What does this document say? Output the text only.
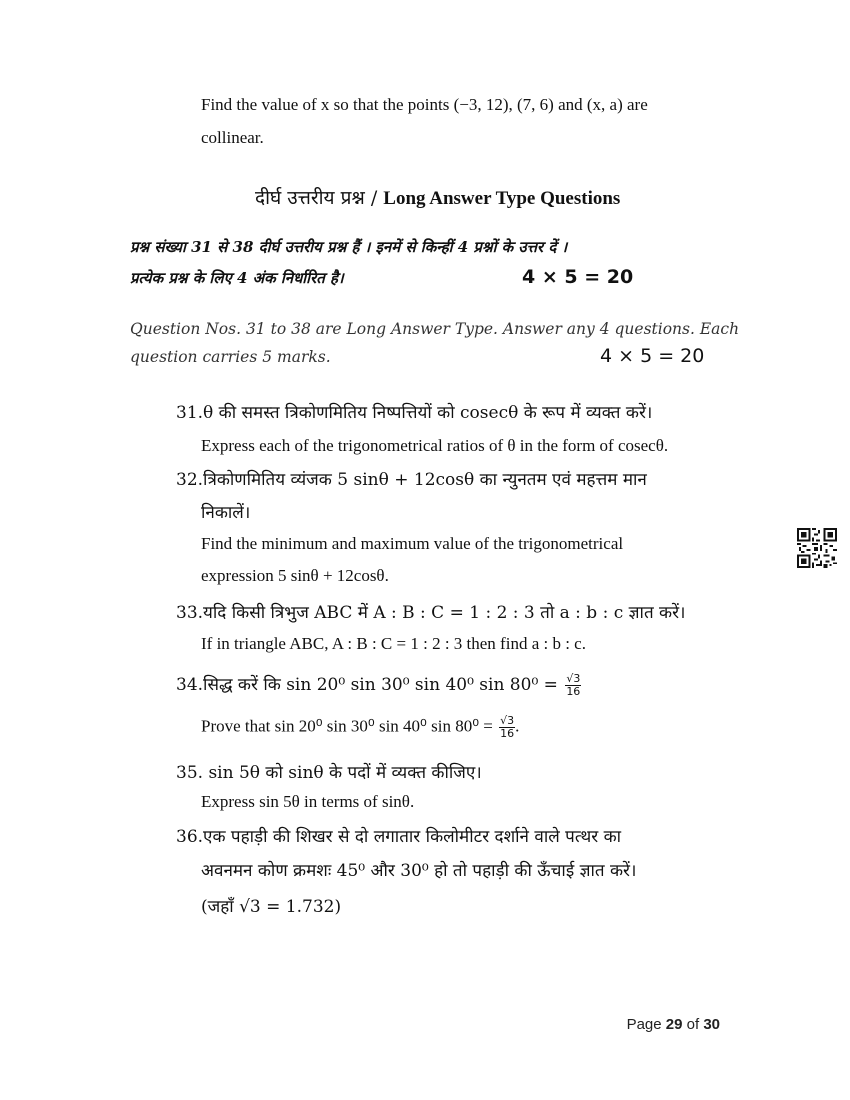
Find the value of x so that the points (−3, 12), (7, 6) and (x, a) are
collinear.
दीर्घ उत्तरीय प्रश्न / Long Answer Type Questions
प्रश्न संख्या 31 से 38 दीर्घ उत्तरीय प्रश्न हैं । इनमें से किन्हीं 4 प्रश्नों के उत्तर दें ।
प्रत्येक प्रश्न के लिए 4 अंक निर्धारित है।	4 × 5 = 20
Question Nos. 31 to 38 are Long Answer Type. Answer any 4 questions. Each
question carries 5 marks.	4 × 5 = 20
31.θ की समस्त त्रिकोणमितिय निष्पत्तियों को cosecθ के रूप में व्यक्त करें।
Express each of the trigonometrical ratios of θ in the form of cosecθ.
32.त्रिकोणमितिय व्यंजक 5 sinθ + 12cosθ का न्युनतम एवं महत्तम मान
निकालें।
Find the minimum and maximum value of the trigonometrical
expression 5 sinθ + 12cosθ.
33.यदि किसी त्रिभुज ABC में A : B : C = 1 : 2 : 3 तो a : b : c ज्ञात करें।
If in triangle ABC, A : B : C = 1 : 2 : 3 then find a : b : c.
34.सिद्ध करें कि sin 20⁰ sin 30⁰ sin 40⁰ $\sin 80^0 = \frac{√3}{16}$
Prove that sin 20⁰ sin 30⁰ sin 40⁰ $\sin 80^0 = \frac{√3}{16}$ .
35. sin 5θ को sinθ के पदों में व्यक्त कीजिए।
Express sin 5θ in terms of sinθ.
36.एक पहाड़ी की शिखर से दो लगातार किलोमीटर दर्शाने वाले पत्थर का
अवनमन कोण क्रमशः 45⁰ और 30⁰ हो तो पहाड़ी की ऊँचाई ज्ञात करें।
(जहाँ √3 = 1.732)
Page 29 of 30
